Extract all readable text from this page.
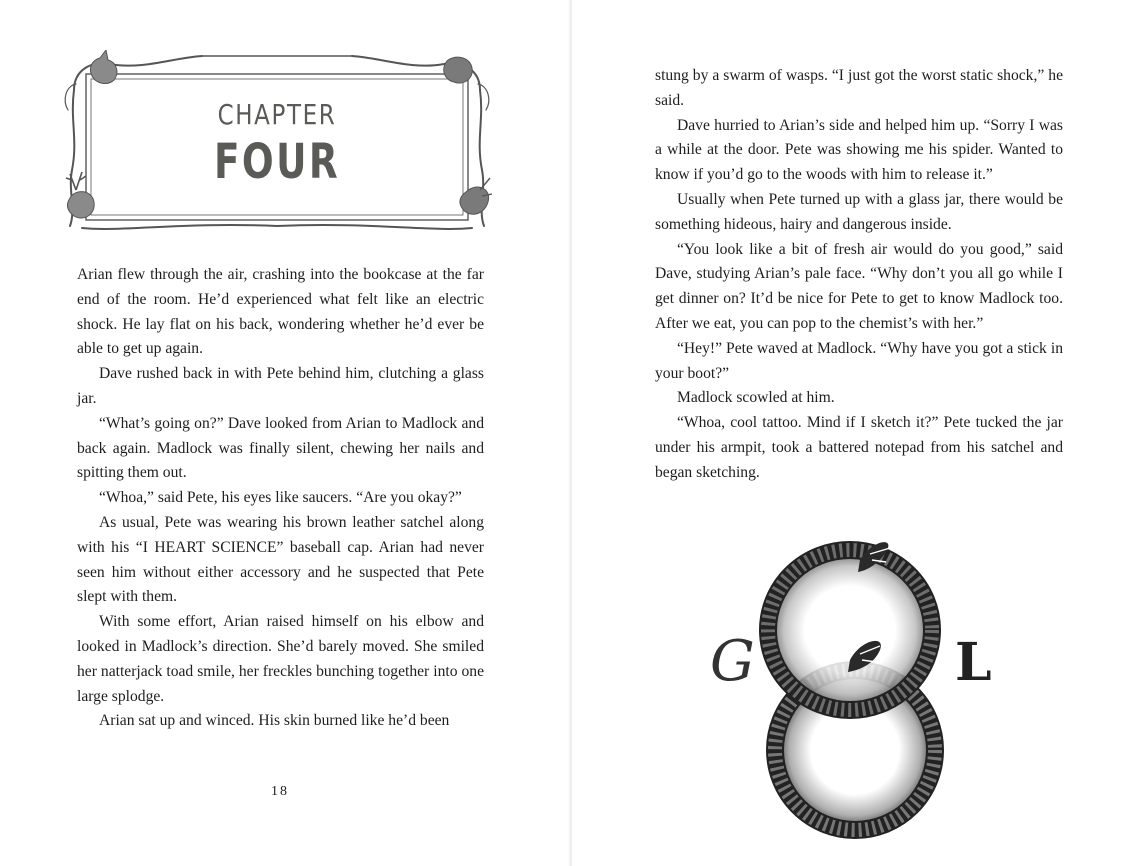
CHAPTER
FOUR

Arian flew through the air, crashing into the bookcase at the far end of the room. He’d experienced what felt like an electric shock. He lay flat on his back, wondering whether he’d ever be able to get up again.

Dave rushed back in with Pete behind him, clutching a glass jar.

“What’s going on?” Dave looked from Arian to Madlock and back again. Madlock was finally silent, chewing her nails and spitting them out.

“Whoa,” said Pete, his eyes like saucers. “Are you okay?”

As usual, Pete was wearing his brown leather satchel along with his “I HEART SCIENCE” baseball cap. Arian had never seen him without either accessory and he suspected that Pete slept with them.

With some effort, Arian raised himself on his elbow and looked in Madlock’s direction. She’d barely moved. She smiled her natterjack toad smile, her freckles bunching together into one large splodge.

Arian sat up and winced. His skin burned like he’d been

18

stung by a swarm of wasps. “I just got the worst static shock,” he said.

Dave hurried to Arian’s side and helped him up. “Sorry I was a while at the door. Pete was showing me his spider. Wanted to know if you’d go to the woods with him to release it.”

Usually when Pete turned up with a glass jar, there would be something hideous, hairy and dangerous inside.

“You look like a bit of fresh air would do you good,” said Dave, studying Arian’s pale face. “Why don’t you all go while I get dinner on? It’d be nice for Pete to get to know Madlock too. After we eat, you can pop to the chemist’s with her.”

“Hey!” Pete waved at Madlock. “Why have you got a stick in your boot?”

Madlock scowled at him.

“Whoa, cool tattoo. Mind if I sketch it?” Pete tucked the jar under his armpit, took a battered notepad from his satchel and began sketching.

G	L
